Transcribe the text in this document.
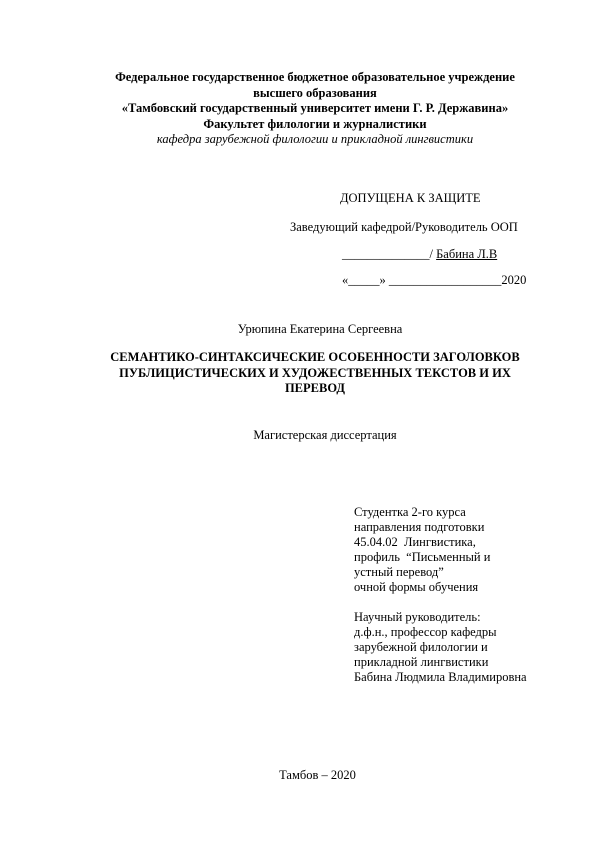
Федеральное государственное бюджетное образовательное учреждение
высшего образования
«Тамбовский государственный университет имени Г. Р. Державина»
Факультет филологии и журналистики
кафедра зарубежной филологии и прикладной лингвистики
ДОПУЩЕНА К ЗАЩИТЕ
Заведующий кафедрой/Руководитель ООП
______________/ Бабина Л.В
«_____» __________________2020
Урюпина Екатерина Сергеевна
СЕМАНТИКО-СИНТАКСИЧЕСКИЕ ОСОБЕННОСТИ ЗАГОЛОВКОВ
ПУБЛИЦИСТИЧЕСКИХ И ХУДОЖЕСТВЕННЫХ ТЕКСТОВ И ИХ
ПЕРЕВОД
Магистерская диссертация
Студентка 2-го курса
направления подготовки
45.04.02  Лингвистика,
профиль  “Письменный и
устный перевод”
очной формы обучения
Научный руководитель:
д.ф.н., профессор кафедры
зарубежной филологии и
прикладной лингвистики
Бабина Людмила Владимировна
Тамбов – 2020
